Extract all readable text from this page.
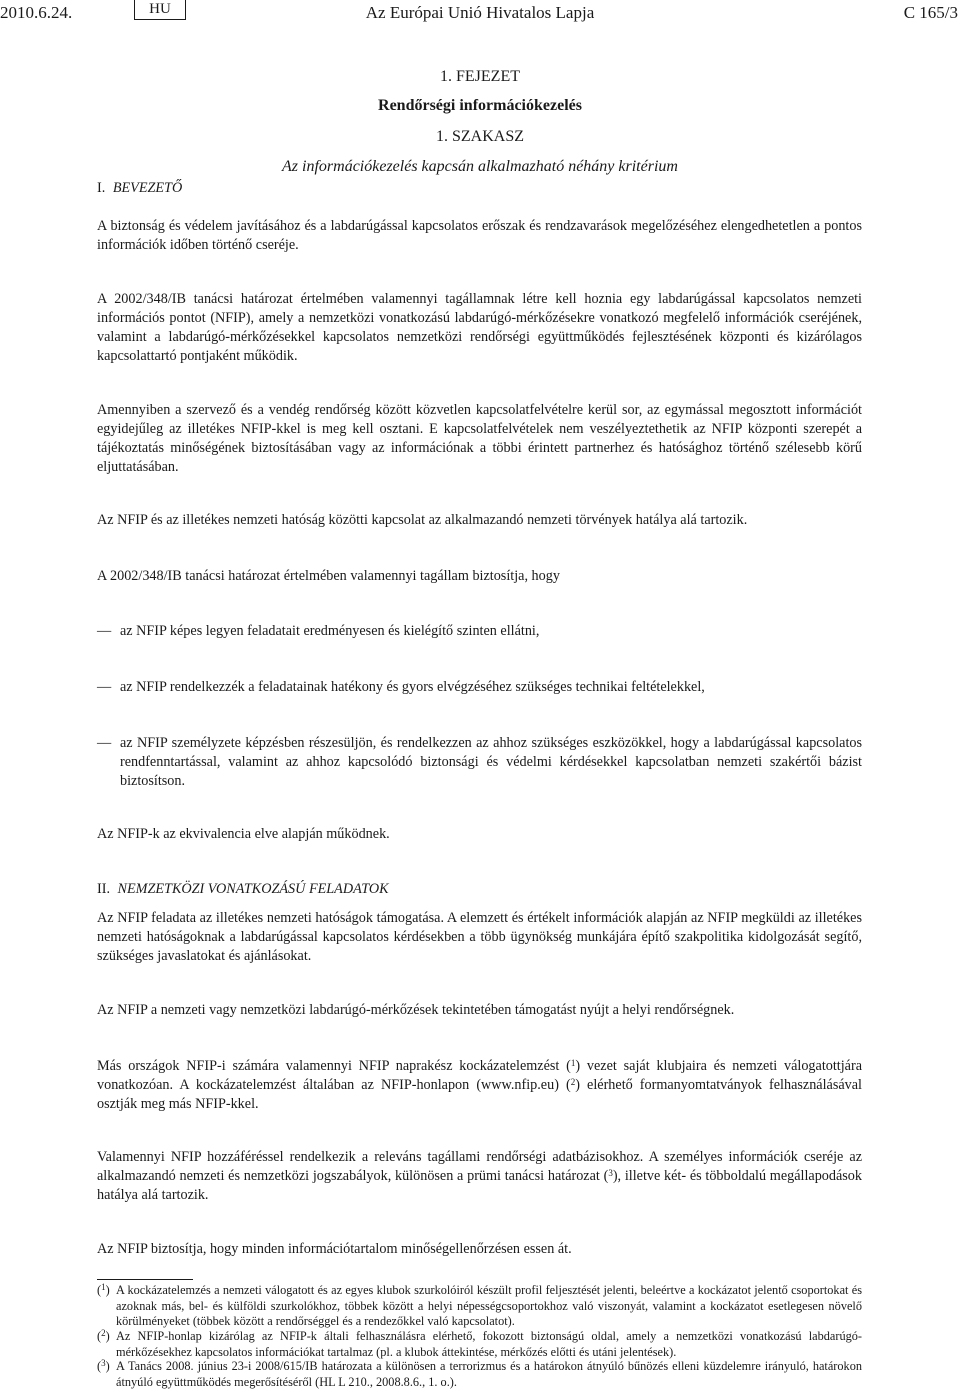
2010.6.24.	HU	Az Európai Unió Hivatalos Lapja	C 165/3
1. FEJEZET
Rendőrségi információkezelés
1. SZAKASZ
Az információkezelés kapcsán alkalmazható néhány kritérium
I. BEVEZETŐ
A biztonság és védelem javításához és a labdarúgással kapcsolatos erőszak és rendzavarások megelőzéséhez elengedhetetlen a pontos információk időben történő cseréje.
A 2002/348/IB tanácsi határozat értelmében valamennyi tagállamnak létre kell hoznia egy labdarúgással kapcsolatos nemzeti információs pontot (NFIP), amely a nemzetközi vonatkozású labdarúgó-mérkőzésekre vonatkozó megfelelő információk cseréjének, valamint a labdarúgó-mérkőzésekkel kapcsolatos nemzetközi rendőrségi együttműködés fejlesztésének központi és kizárólagos kapcsolattartó pontjaként működik.
Amennyiben a szervező és a vendég rendőrség között közvetlen kapcsolatfelvételre kerül sor, az egymással megosztott információt egyidejűleg az illetékes NFIP-kkel is meg kell osztani. E kapcsolatfelvételek nem veszélyeztethetik az NFIP központi szerepét a tájékoztatás minőségének biztosításában vagy az információnak a többi érintett partnerhez és hatósághoz történő szélesebb körű eljuttatásában.
Az NFIP és az illetékes nemzeti hatóság közötti kapcsolat az alkalmazandó nemzeti törvények hatálya alá tartozik.
A 2002/348/IB tanácsi határozat értelmében valamennyi tagállam biztosítja, hogy
— az NFIP képes legyen feladatait eredményesen és kielégítő szinten ellátni,
— az NFIP rendelkezzék a feladatainak hatékony és gyors elvégzéséhez szükséges technikai feltételekkel,
— az NFIP személyzete képzésben részesüljön, és rendelkezzen az ahhoz szükséges eszközökkel, hogy a labdarúgással kapcsolatos rendfenntartással, valamint az ahhoz kapcsolódó biztonsági és védelmi kérdésekkel kapcsolatban nemzeti szakértői bázist biztosítson.
Az NFIP-k az ekvivalencia elve alapján működnek.
II. NEMZETKÖZI VONATKOZÁSÚ FELADATOK
Az NFIP feladata az illetékes nemzeti hatóságok támogatása. A elemzett és értékelt információk alapján az NFIP megküldi az illetékes nemzeti hatóságoknak a labdarúgással kapcsolatos kérdésekben a több ügynökség munkájára építő szakpolitika kidolgozását segítő, szükséges javaslatokat és ajánlásokat.
Az NFIP a nemzeti vagy nemzetközi labdarúgó-mérkőzések tekintetében támogatást nyújt a helyi rendőrségnek.
Más országok NFIP-i számára valamennyi NFIP naprakész kockázatelemzést ($^1$) vezet saját klubjaira és nemzeti válogatottjára vonatkozóan. A kockázatelemzést általában az NFIP-honlapon (www.nfip.eu) ($^2$) elérhető formanyomtatványok felhasználásával osztják meg más NFIP-kkel.
Valamennyi NFIP hozzáféréssel rendelkezik a releváns tagállami rendőrségi adatbázisokhoz. A személyes információk cseréje az alkalmazandó nemzeti és nemzetközi jogszabályok, különösen a prümi tanácsi határozat ($^3$), illetve két- és többoldalú megállapodások hatálya alá tartozik.
Az NFIP biztosítja, hogy minden információtartalom minőségellenőrzésen essen át.
($^1$) A kockázatelemzés a nemzeti válogatott és az egyes klubok szurkolóiról készült profil feljesztését jelenti, beleértve a kockázatot jelentő csoportokat és azoknak más, bel- és külföldi szurkolókhoz, többek között a helyi népességcsoportokhoz való viszonyát, valamint a kockázatot esetlegesen növelő körülményeket (többek között a rendőrséggel és a rendezőkkel való kapcsolatot).
($^2$) Az NFIP-honlap kizárólag az NFIP-k általi felhasználásra elérhető, fokozott biztonságú oldal, amely a nemzetközi vonatkozású labdarúgó-mérkőzésekhez kapcsolatos információkat tartalmaz (pl. a klubok áttekintése, mérkőzés előtti és utáni jelentések).
($^3$) A Tanács 2008. június 23-i 2008/615/IB határozata a különösen a terrorizmus és a határokon átnyúló bűnözés elleni küzdelemre irányuló, határokon átnyúló együttműködés megerősítéséről (HL L 210., 2008.8.6., 1. o.).
